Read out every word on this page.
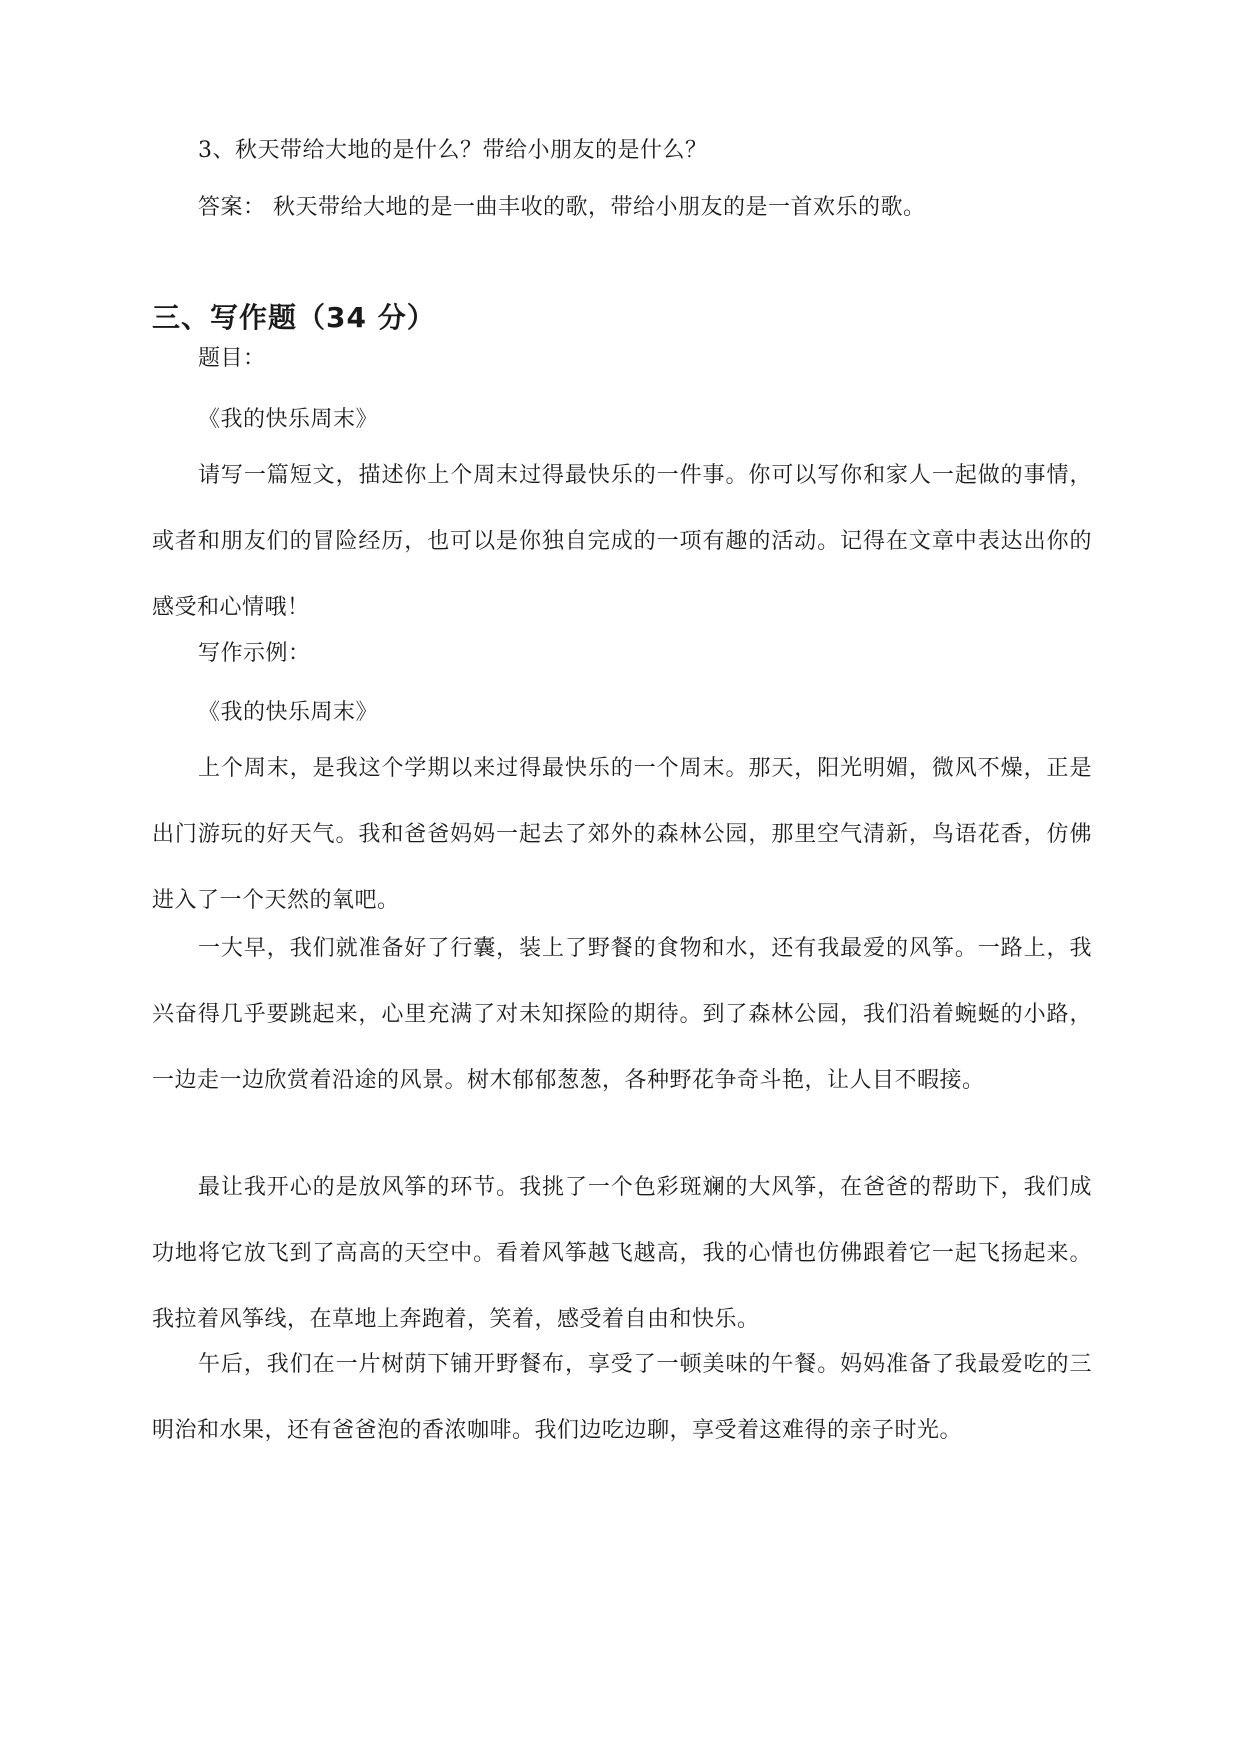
3、秋天带给大地的是什么？带给小朋友的是什么？

答案： 秋天带给大地的是一曲丰收的歌，带给小朋友的是一首欢乐的歌。

三、写作题（34 分）

题目：

《我的快乐周末》

请写一篇短文，描述你上个周末过得最快乐的一件事。你可以写你和家人一起做的事情，或者和朋友们的冒险经历，也可以是你独自完成的一项有趣的活动。记得在文章中表达出你的感受和心情哦！

写作示例：

《我的快乐周末》

上个周末，是我这个学期以来过得最快乐的一个周末。那天，阳光明媚，微风不燥，正是出门游玩的好天气。我和爸爸妈妈一起去了郊外的森林公园，那里空气清新，鸟语花香，仿佛进入了一个天然的氧吧。

一大早，我们就准备好了行囊，装上了野餐的食物和水，还有我最爱的风筝。一路上，我兴奋得几乎要跳起来，心里充满了对未知探险的期待。到了森林公园，我们沿着蜿蜒的小路，一边走一边欣赏着沿途的风景。树木郁郁葱葱，各种野花争奇斗艳，让人目不暇接。

最让我开心的是放风筝的环节。我挑了一个色彩斑斓的大风筝，在爸爸的帮助下，我们成功地将它放飞到了高高的天空中。看着风筝越飞越高，我的心情也仿佛跟着它一起飞扬起来。我拉着风筝线，在草地上奔跑着，笑着，感受着自由和快乐。

午后，我们在一片树荫下铺开野餐布，享受了一顿美味的午餐。妈妈准备了我最爱吃的三明治和水果，还有爸爸泡的香浓咖啡。我们边吃边聊，享受着这难得的亲子时光。
